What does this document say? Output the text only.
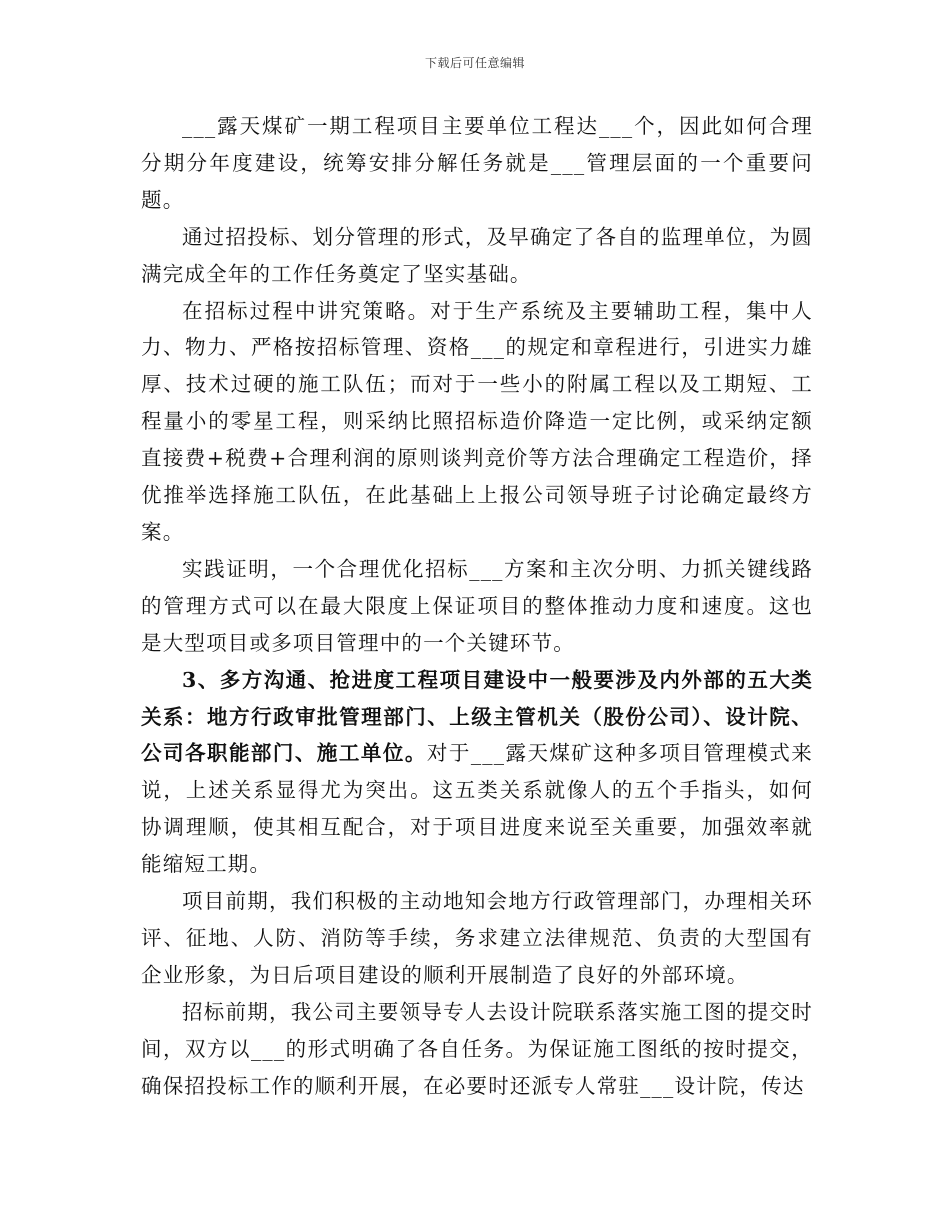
下载后可任意编辑

___露天煤矿一期工程项目主要单位工程达___个，因此如何合理分期分年度建设，统筹安排分解任务就是___管理层面的一个重要问题。

通过招投标、划分管理的形式，及早确定了各自的监理单位，为圆满完成全年的工作任务奠定了坚实基础。

在招标过程中讲究策略。对于生产系统及主要辅助工程，集中人力、物力、严格按招标管理、资格___的规定和章程进行，引进实力雄厚、技术过硬的施工队伍；而对于一些小的附属工程以及工期短、工程量小的零星工程，则采纳比照招标造价降造一定比例，或采纳定额直接费+税费+合理利润的原则谈判竞价等方法合理确定工程造价，择优推举选择施工队伍，在此基础上上报公司领导班子讨论确定最终方案。

实践证明，一个合理优化招标___方案和主次分明、力抓关键线路的管理方式可以在最大限度上保证项目的整体推动力度和速度。这也是大型项目或多项目管理中的一个关键环节。

3、多方沟通、抢进度工程项目建设中一般要涉及内外部的五大类关系：地方行政审批管理部门、上级主管机关（股份公司）、设计院、公司各职能部门、施工单位。对于___露天煤矿这种多项目管理模式来说，上述关系显得尤为突出。这五类关系就像人的五个手指头，如何协调理顺，使其相互配合，对于项目进度来说至关重要，加强效率就能缩短工期。

项目前期，我们积极的主动地知会地方行政管理部门，办理相关环评、征地、人防、消防等手续，务求建立法律规范、负责的大型国有企业形象，为日后项目建设的顺利开展制造了良好的外部环境。

招标前期，我公司主要领导专人去设计院联系落实施工图的提交时间，双方以___的形式明确了各自任务。为保证施工图纸的按时提交，确保招投标工作的顺利开展，在必要时还派专人常驻___设计院，传达
